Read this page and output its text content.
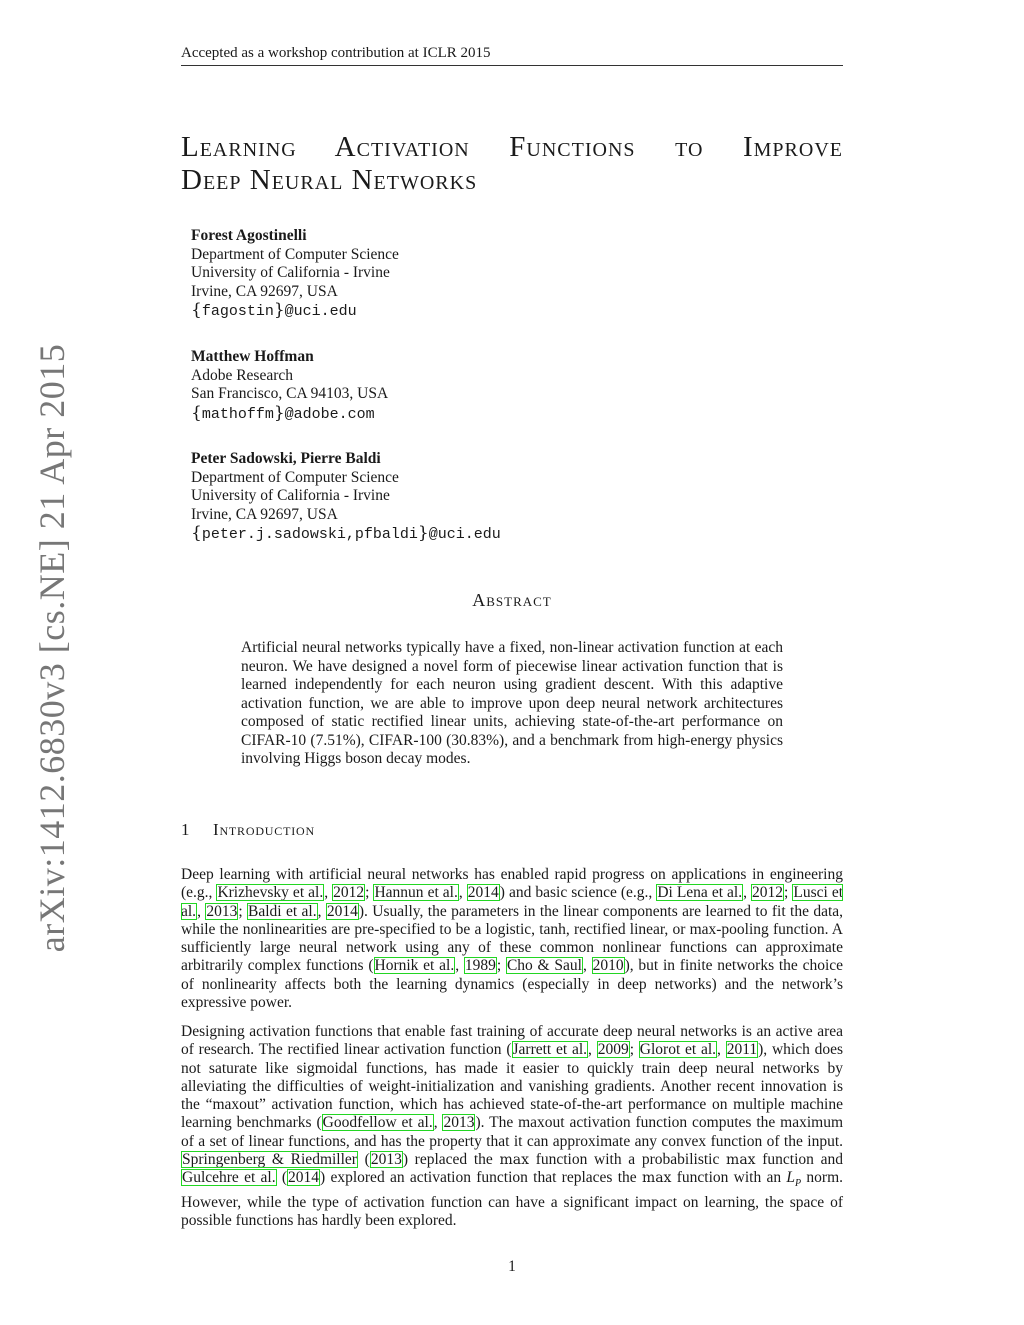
Accepted as a workshop contribution at ICLR 2015
arXiv:1412.6830v3 [cs.NE] 21 Apr 2015
Learning Activation Functions to Improve
Deep Neural Networks
Forest Agostinelli
Department of Computer Science
University of California - Irvine
Irvine, CA 92697, USA
{fagostin}@uci.edu
Matthew Hoffman
Adobe Research
San Francisco, CA 94103, USA
{mathoffm}@adobe.com
Peter Sadowski, Pierre Baldi
Department of Computer Science
University of California - Irvine
Irvine, CA 92697, USA
{peter.j.sadowski,pfbaldi}@uci.edu
Abstract
Artificial neural networks typically have a fixed, non-linear activation function at each neuron. We have designed a novel form of piecewise linear activation function that is learned independently for each neuron using gradient descent. With this adaptive activation function, we are able to improve upon deep neural network architectures composed of static rectified linear units, achieving state-of-the-art performance on CIFAR-10 (7.51%), CIFAR-100 (30.83%), and a benchmark from high-energy physics involving Higgs boson decay modes.
1 Introduction
Deep learning with artificial neural networks has enabled rapid progress on applications in engineering (e.g., Krizhevsky et al., 2012; Hannun et al., 2014) and basic science (e.g., Di Lena et al., 2012; Lusci et al., 2013; Baldi et al., 2014). Usually, the parameters in the linear components are learned to fit the data, while the nonlinearities are pre-specified to be a logistic, tanh, rectified linear, or max-pooling function. A sufficiently large neural network using any of these common nonlinear functions can approximate arbitrarily complex functions (Hornik et al., 1989; Cho & Saul, 2010), but in finite networks the choice of nonlinearity affects both the learning dynamics (especially in deep networks) and the network’s expressive power.
Designing activation functions that enable fast training of accurate deep neural networks is an active area of research. The rectified linear activation function (Jarrett et al., 2009; Glorot et al., 2011), which does not saturate like sigmoidal functions, has made it easier to quickly train deep neural networks by alleviating the difficulties of weight-initialization and vanishing gradients. Another recent innovation is the “maxout” activation function, which has achieved state-of-the-art performance on multiple machine learning benchmarks (Goodfellow et al., 2013). The maxout activation function computes the maximum of a set of linear functions, and has the property that it can approximate any convex function of the input. Springenberg & Riedmiller (2013) replaced the max function with a probabilistic max function and Gulcehre et al. (2014) explored an activation function that replaces the max function with an $L_P$ norm. However, while the type of activation function can have a significant impact on learning, the space of possible functions has hardly been explored.
1
